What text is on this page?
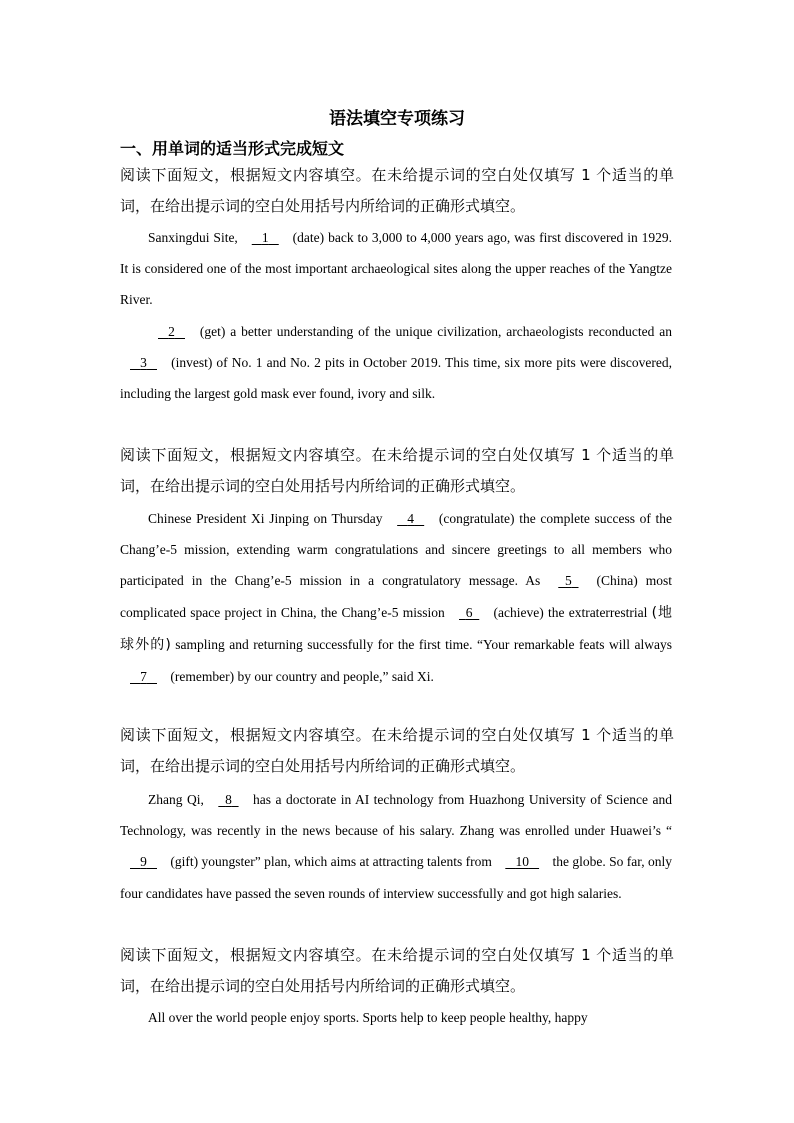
语法填空专项练习
一、用单词的适当形式完成短文
阅读下面短文，根据短文内容填空。在未给提示词的空白处仅填写 1 个适当的单词，在给出提示词的空白处用括号内所给词的正确形式填空。
Sanxingdui Site,    1    (date) back to 3,000 to 4,000 years ago, was first discovered in 1929. It is considered one of the most important archaeological sites along the upper reaches of the Yangtze River.
2    (get) a better understanding of the unique civilization, archaeologists reconducted an    3    (invest) of No. 1 and No. 2 pits in October 2019. This time, six more pits were discovered, including the largest gold mask ever found, ivory and silk.
阅读下面短文，根据短文内容填空。在未给提示词的空白处仅填写 1 个适当的单词，在给出提示词的空白处用括号内所给词的正确形式填空。
Chinese President Xi Jinping on Thursday    4    (congratulate) the complete success of the Chang’e-5 mission, extending warm congratulations and sincere greetings to all members who participated in the Chang’e-5 mission in a congratulatory message. As   5   (China) most complicated space project in China, the Chang’e-5 mission   6   (achieve) the extraterrestrial (地球外的) sampling and returning successfully for the first time. “Your remarkable feats will always    7    (remember) by our country and people,” said Xi.
阅读下面短文，根据短文内容填空。在未给提示词的空白处仅填写 1 个适当的单词，在给出提示词的空白处用括号内所给词的正确形式填空。
Zhang Qi,   8   has a doctorate in AI technology from Huazhong University of Science and Technology, was recently in the news because of his salary. Zhang was enrolled under Huawei’s “    9    (gift) youngster” plan, which aims at attracting talents from    10    the globe. So far, only four candidates have passed the seven rounds of interview successfully and got high salaries.
阅读下面短文，根据短文内容填空。在未给提示词的空白处仅填写 1 个适当的单词，在给出提示词的空白处用括号内所给词的正确形式填空。
All over the world people enjoy sports. Sports help to keep people healthy, happy
